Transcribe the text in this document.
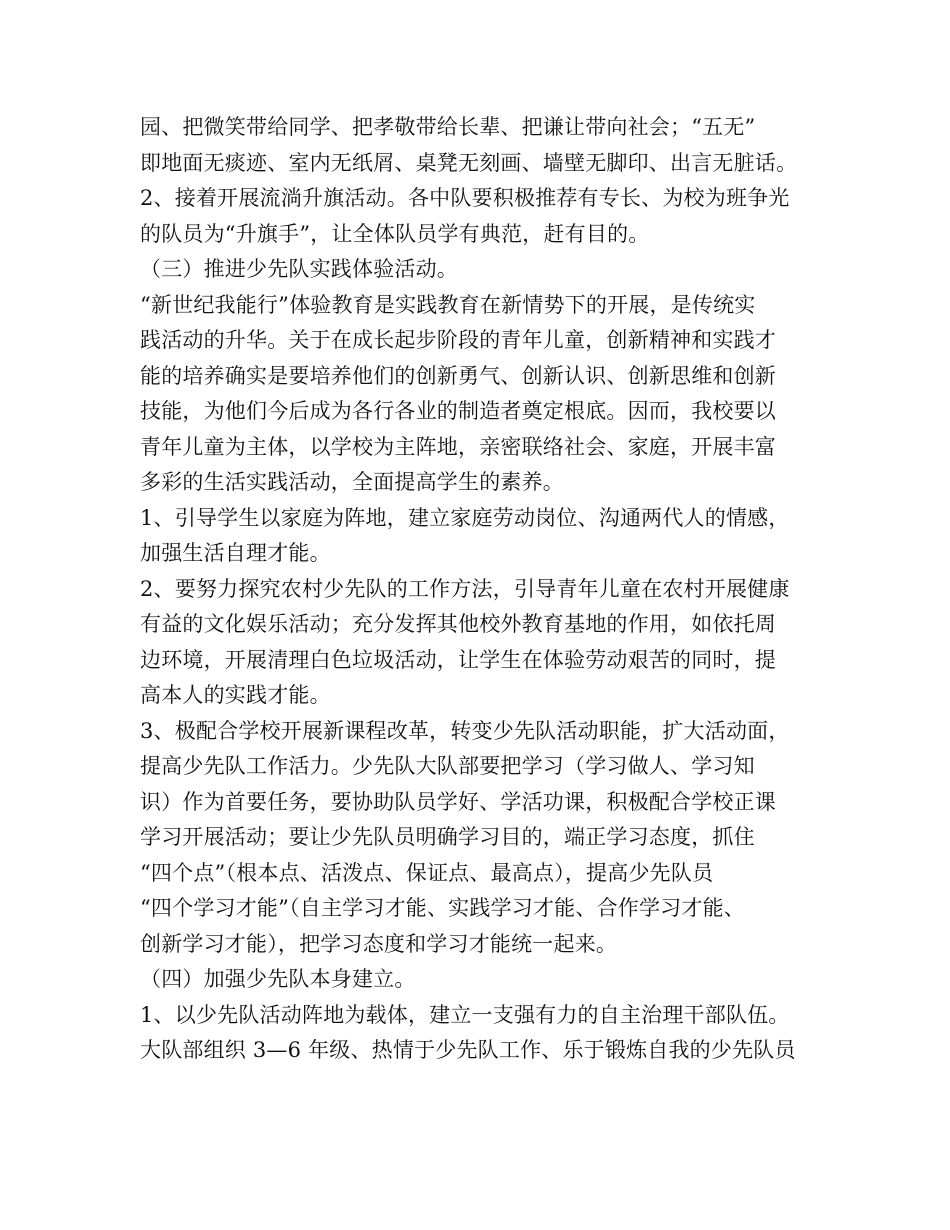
园、把微笑带给同学、把孝敬带给长辈、把谦让带向社会；“五无”
即地面无痰迹、室内无纸屑、桌凳无刻画、墙壁无脚印、出言无脏话。
2、接着开展流淌升旗活动。各中队要积极推荐有专长、为校为班争光
的队员为“升旗手”，让全体队员学有典范，赶有目的。
（三）推进少先队实践体验活动。
“新世纪我能行”体验教育是实践教育在新情势下的开展，是传统实
践活动的升华。关于在成长起步阶段的青年儿童，创新精神和实践才
能的培养确实是要培养他们的创新勇气、创新认识、创新思维和创新
技能，为他们今后成为各行各业的制造者奠定根底。因而，我校要以
青年儿童为主体，以学校为主阵地，亲密联络社会、家庭，开展丰富
多彩的生活实践活动，全面提高学生的素养。
1、引导学生以家庭为阵地，建立家庭劳动岗位、沟通两代人的情感，
加强生活自理才能。
2、要努力探究农村少先队的工作方法，引导青年儿童在农村开展健康
有益的文化娱乐活动；充分发挥其他校外教育基地的作用，如依托周
边环境，开展清理白色垃圾活动，让学生在体验劳动艰苦的同时，提
高本人的实践才能。
3、极配合学校开展新课程改革，转变少先队活动职能，扩大活动面，
提高少先队工作活力。少先队大队部要把学习（学习做人、学习知
识）作为首要任务，要协助队员学好、学活功课，积极配合学校正课
学习开展活动；要让少先队员明确学习目的，端正学习态度，抓住
“四个点”（根本点、活泼点、保证点、最高点），提高少先队员
“四个学习才能”（自主学习才能、实践学习才能、合作学习才能、
创新学习才能），把学习态度和学习才能统一起来。
（四）加强少先队本身建立。
1、以少先队活动阵地为载体，建立一支强有力的自主治理干部队伍。
大队部组织 3—6 年级、热情于少先队工作、乐于锻炼自我的少先队员
